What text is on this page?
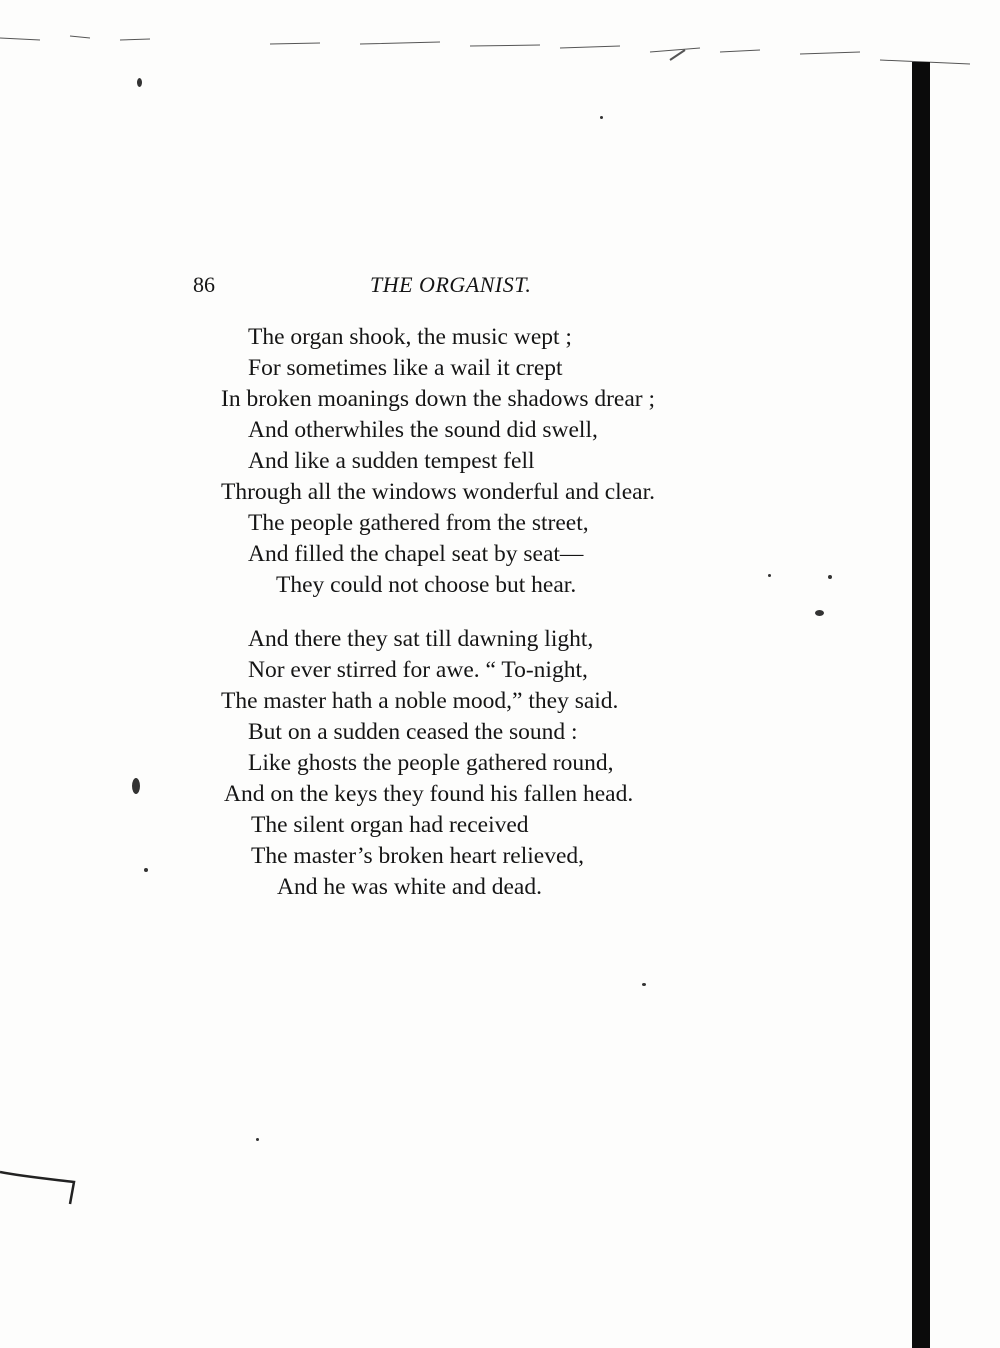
86	THE ORGANIST.
The organ shook, the music wept ;
For sometimes like a wail it crept
In broken moanings down the shadows drear ;
And otherwhiles the sound did swell,
And like a sudden tempest fell
Through all the windows wonderful and clear.
The people gathered from the street,
And filled the chapel seat by seat—
They could not choose but hear.
And there they sat till dawning light,
Nor ever stirred for awe. “ To-night,
The master hath a noble mood,” they said.
But on a sudden ceased the sound :
Like ghosts the people gathered round,
And on the keys they found his fallen head.
The silent organ had received
The master’s broken heart relieved,
And he was white and dead.
